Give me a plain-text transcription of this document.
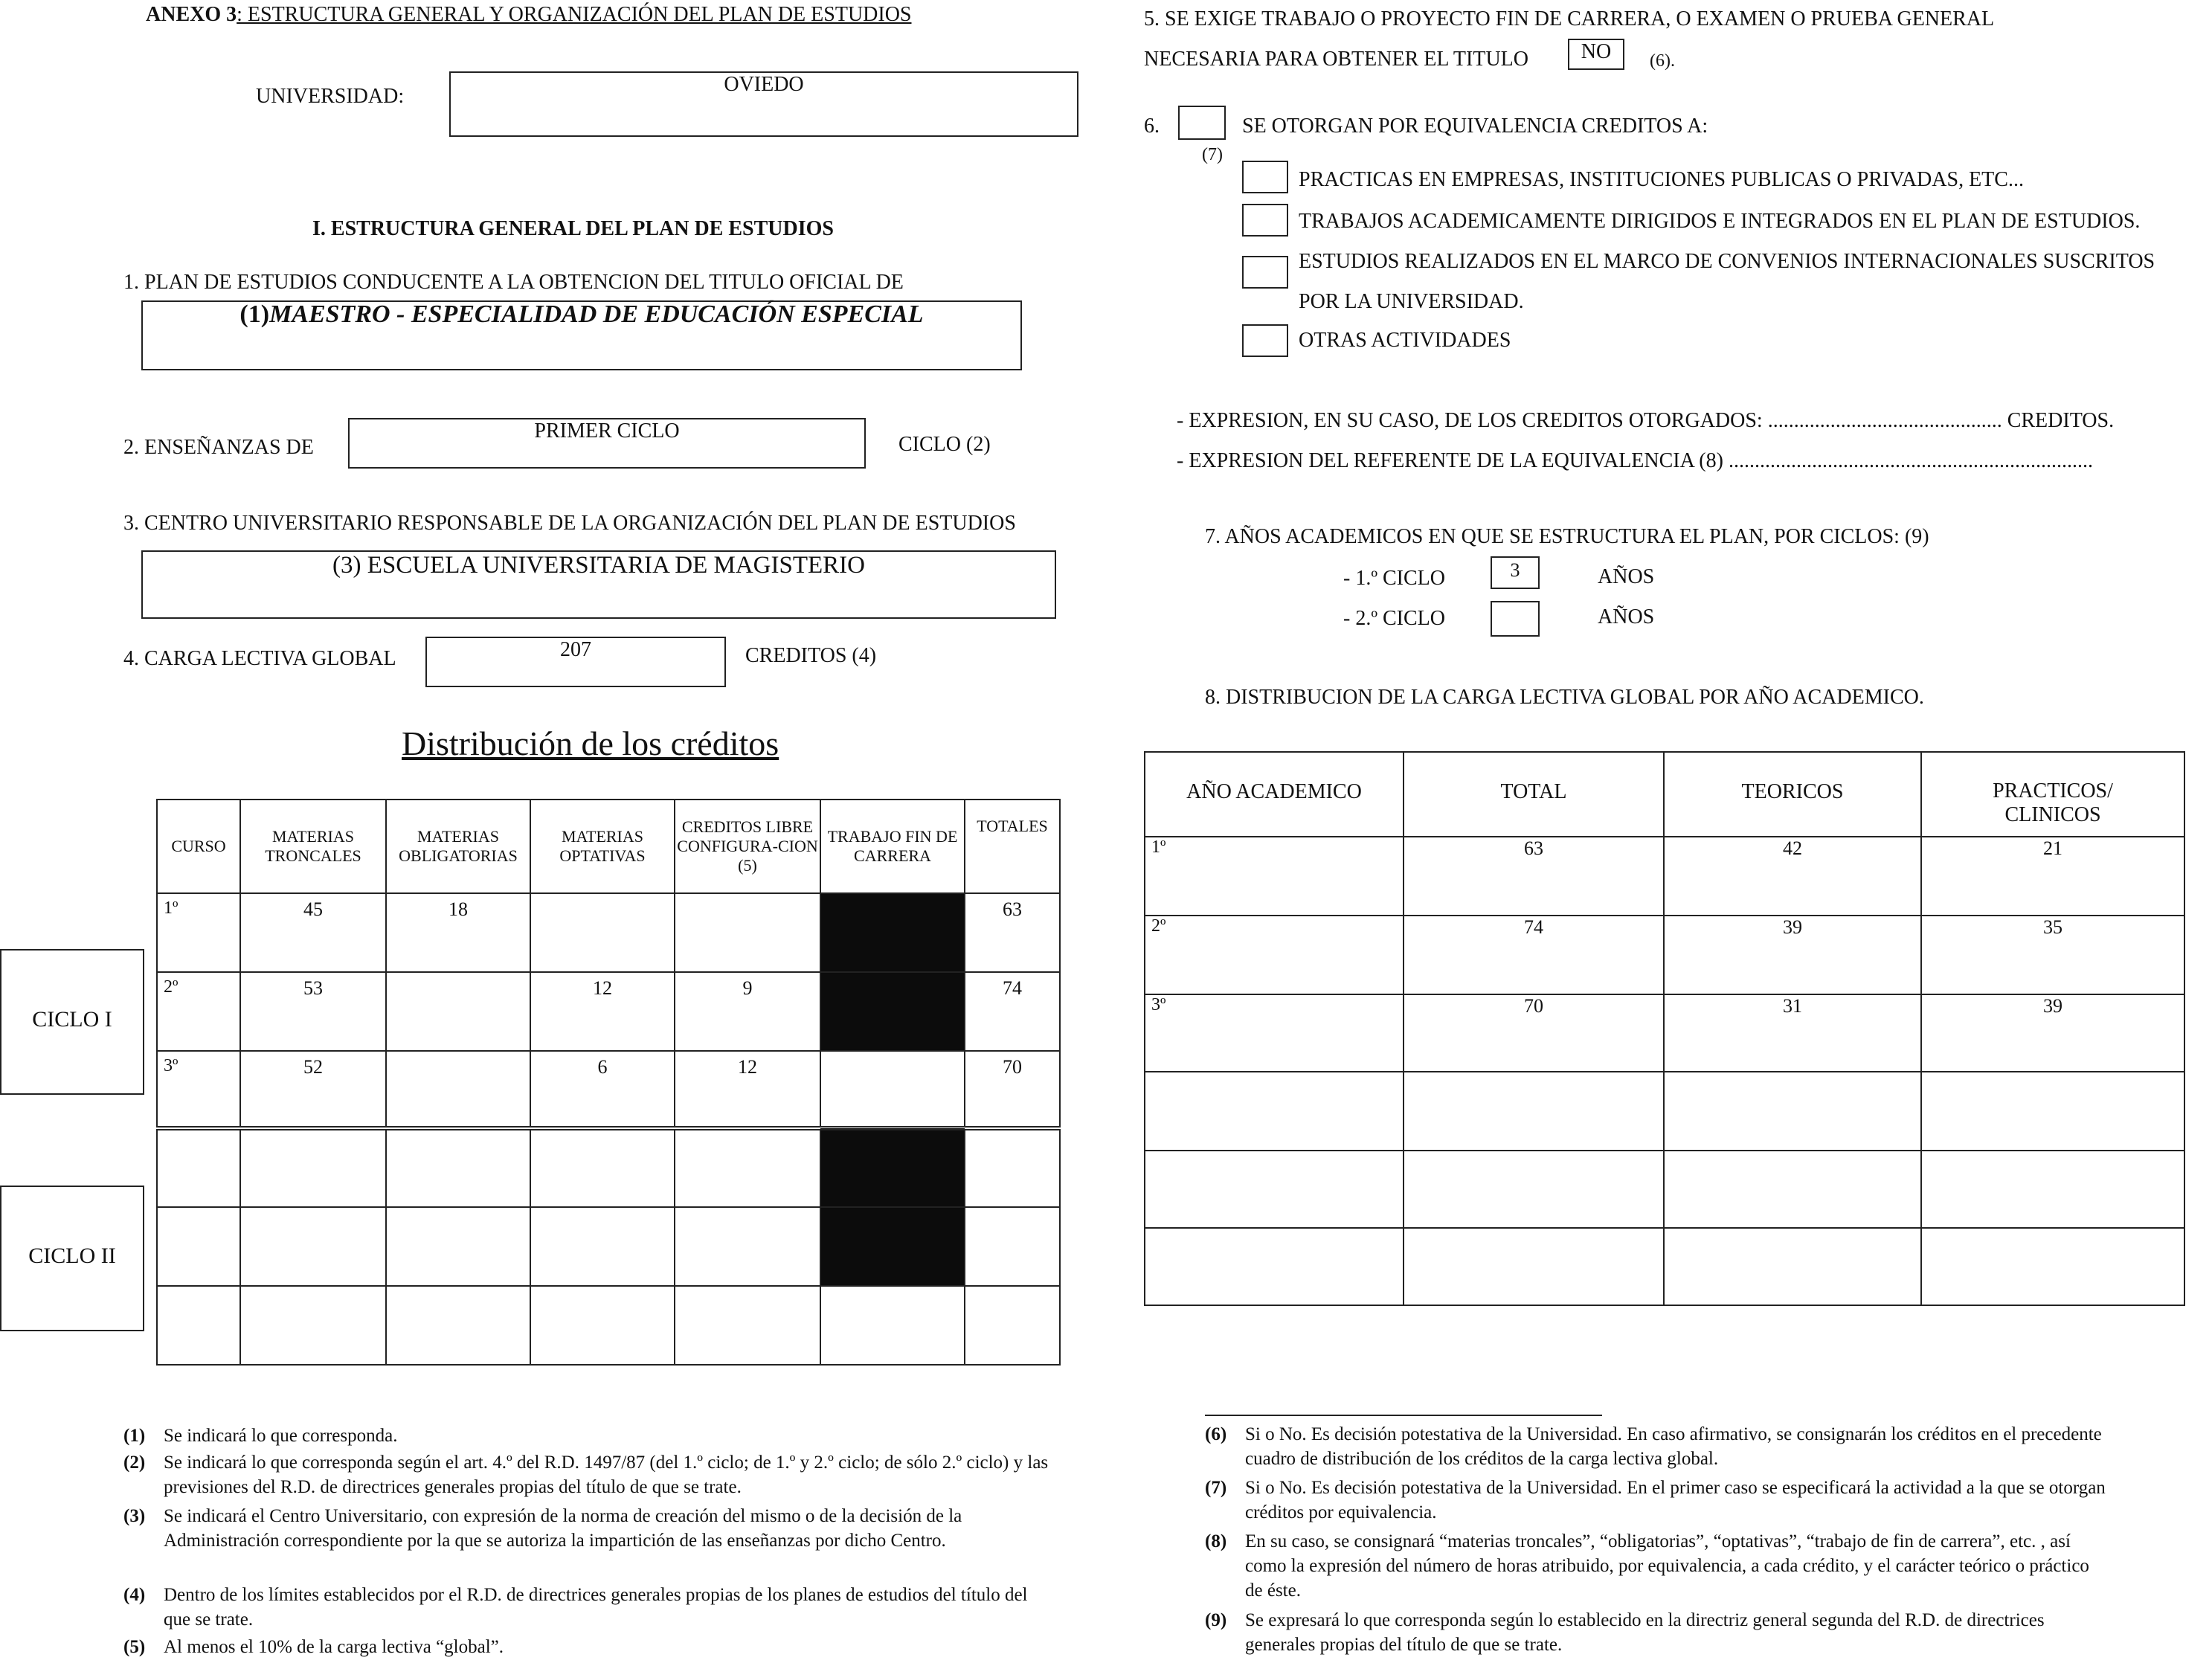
ANEXO 3: ESTRUCTURA GENERAL Y ORGANIZACIÓN DEL PLAN DE ESTUDIOS
UNIVERSIDAD:
OVIEDO
I. ESTRUCTURA GENERAL DEL PLAN DE ESTUDIOS
1. PLAN DE ESTUDIOS CONDUCENTE A LA OBTENCION DEL TITULO OFICIAL DE
(1)MAESTRO - ESPECIALIDAD DE EDUCACIÓN ESPECIAL
2. ENSEÑANZAS DE
PRIMER CICLO
CICLO (2)
3. CENTRO UNIVERSITARIO RESPONSABLE DE LA ORGANIZACIÓN DEL PLAN DE ESTUDIOS
(3) ESCUELA UNIVERSITARIA DE MAGISTERIO
4. CARGA LECTIVA GLOBAL	207	CREDITOS (4)
Distribución de los créditos
CICLO I
CICLO II
CURSO	MATERIAS TRONCALES	MATERIAS OBLIGATORIAS	MATERIAS OPTATIVAS	CREDITOS LIBRE CONFIGURA-CION (5)	TRABAJO FIN DE CARRERA	TOTALES
1º	45	18				63
2º	53		12	9		74
3º	52		6	12		70

(1) Se indicará lo que corresponda.
(2) Se indicará lo que corresponda según el art. 4.º del R.D. 1497/87 (del 1.º ciclo; de 1.º y 2.º ciclo; de sólo 2.º ciclo) y las previsiones del R.D. de directrices generales propias del título de que se trate.
(3) Se indicará el Centro Universitario, con expresión de la norma de creación del mismo o de la decisión de la Administración correspondiente por la que se autoriza la impartición de las enseñanzas por dicho Centro.
(4) Dentro de los límites establecidos por el R.D. de directrices generales propias de los planes de estudios del título del que se trate.
(5) Al menos el 10% de la carga lectiva “global”.
5. SE EXIGE TRABAJO O PROYECTO FIN DE CARRERA, O EXAMEN O PRUEBA GENERAL
NECESARIA PARA OBTENER EL TITULO	NO	(6).
6.
(7)
SE OTORGAN POR EQUIVALENCIA CREDITOS A:
PRACTICAS EN EMPRESAS, INSTITUCIONES PUBLICAS O PRIVADAS, ETC...
TRABAJOS ACADEMICAMENTE DIRIGIDOS E INTEGRADOS EN EL PLAN DE ESTUDIOS.
ESTUDIOS REALIZADOS EN EL MARCO DE CONVENIOS INTERNACIONALES SUSCRITOS
POR LA UNIVERSIDAD.
OTRAS ACTIVIDADES
- EXPRESION, EN SU CASO, DE LOS CREDITOS OTORGADOS: ............................................. CREDITOS.
- EXPRESION DEL REFERENTE DE LA EQUIVALENCIA (8) ......................................................................
7. AÑOS ACADEMICOS EN QUE SE ESTRUCTURA EL PLAN, POR CICLOS: (9)
- 1.º CICLO	3	AÑOS
- 2.º CICLO	AÑOS
8. DISTRIBUCION DE LA CARGA LECTIVA GLOBAL POR AÑO ACADEMICO.
AÑO ACADEMICO	TOTAL	TEORICOS	PRACTICOS/ CLINICOS
1º	63	42	21
2º	74	39	35
3º	70	31	39

(6) Si o No. Es decisión potestativa de la Universidad. En caso afirmativo, se consignarán los créditos en el precedente cuadro de distribución de los créditos de la carga lectiva global.
(7) Si o No. Es decisión potestativa de la Universidad. En el primer caso se especificará la actividad a la que se otorgan créditos por equivalencia.
(8) En su caso, se consignará “materias troncales”, “obligatorias”, “optativas”, “trabajo de fin de carrera”, etc. , así como la expresión del número de horas atribuido, por equivalencia, a cada crédito, y el carácter teórico o práctico de éste.
(9) Se expresará lo que corresponda según lo establecido en la directriz general segunda del R.D. de directrices generales propias del título de que se trate.
